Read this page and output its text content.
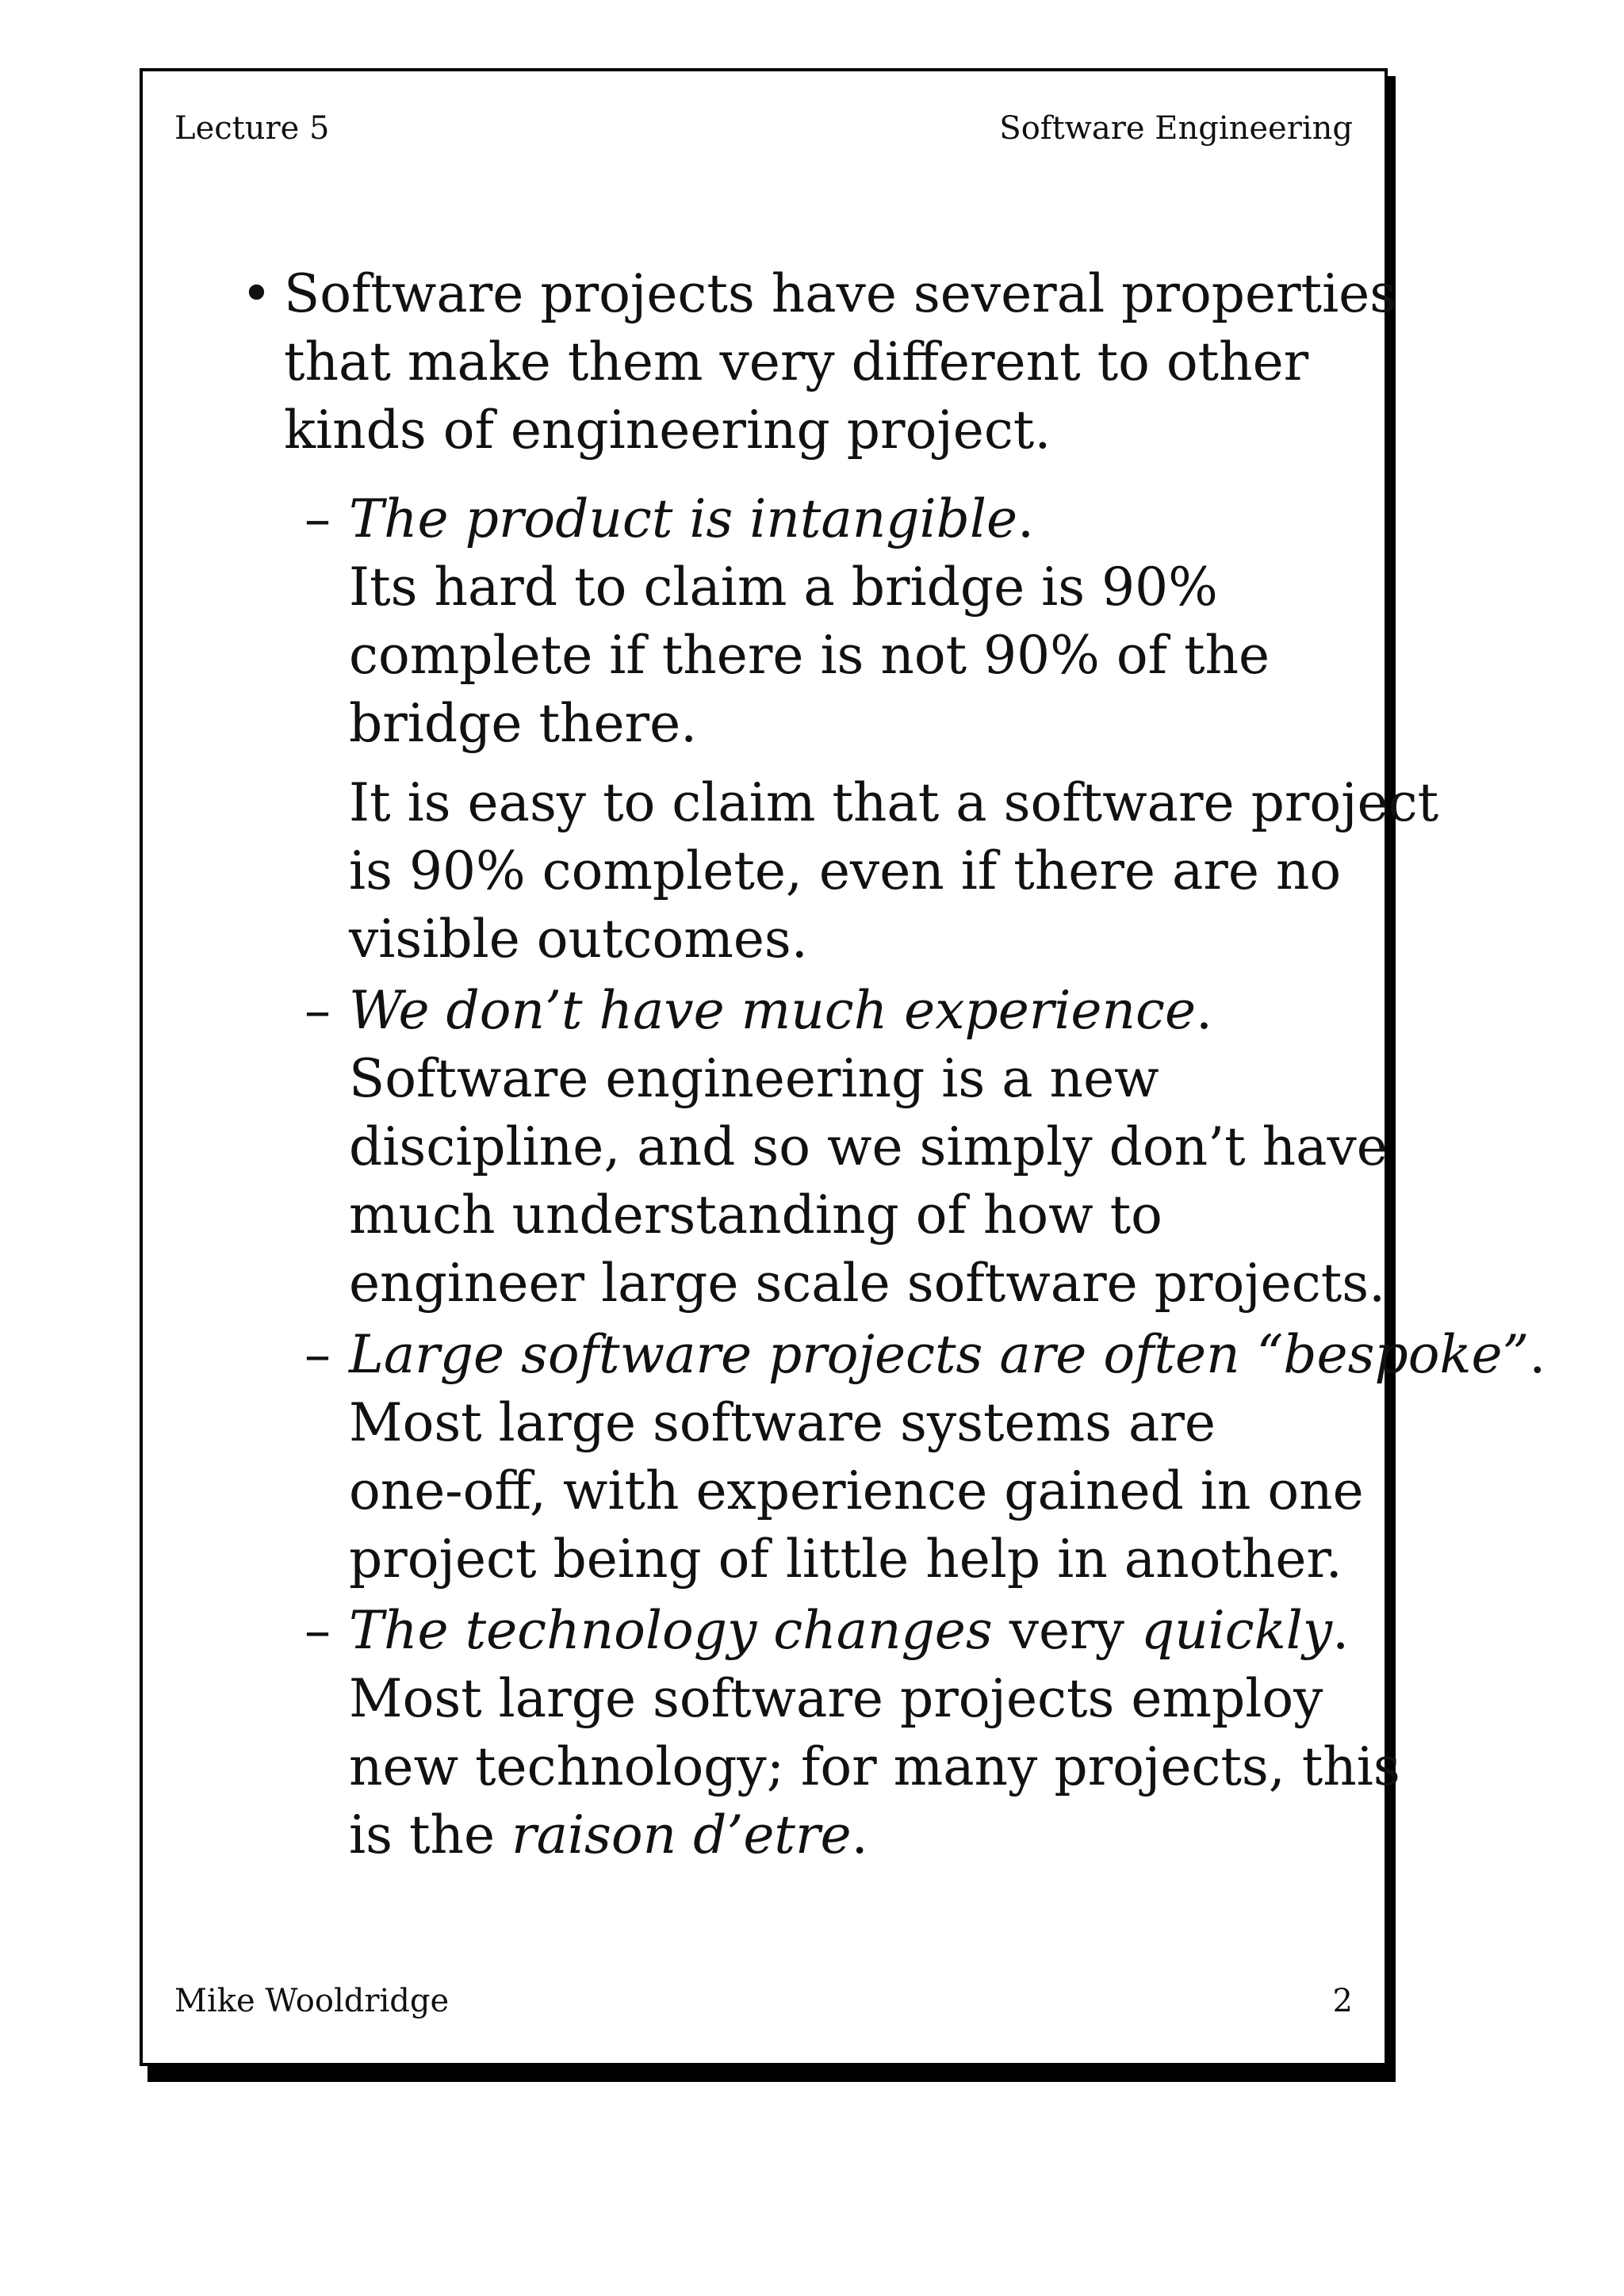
Lecture 5	Software Engineering
• Software projects have several properties
that make them very different to other
kinds of engineering project.
– The product is intangible.
Its hard to claim a bridge is 90%
complete if there is not 90% of the
bridge there.
It is easy to claim that a software project
is 90% complete, even if there are no
visible outcomes.
– We don’t have much experience.
Software engineering is a new
discipline, and so we simply don’t have
much understanding of how to
engineer large scale software projects.
– Large software projects are often “bespoke”.
Most large software systems are
one-off, with experience gained in one
project being of little help in another.
– The technology changes very quickly.
Most large software projects employ
new technology; for many projects, this
is the raison d’etre.
Mike Wooldridge	2
